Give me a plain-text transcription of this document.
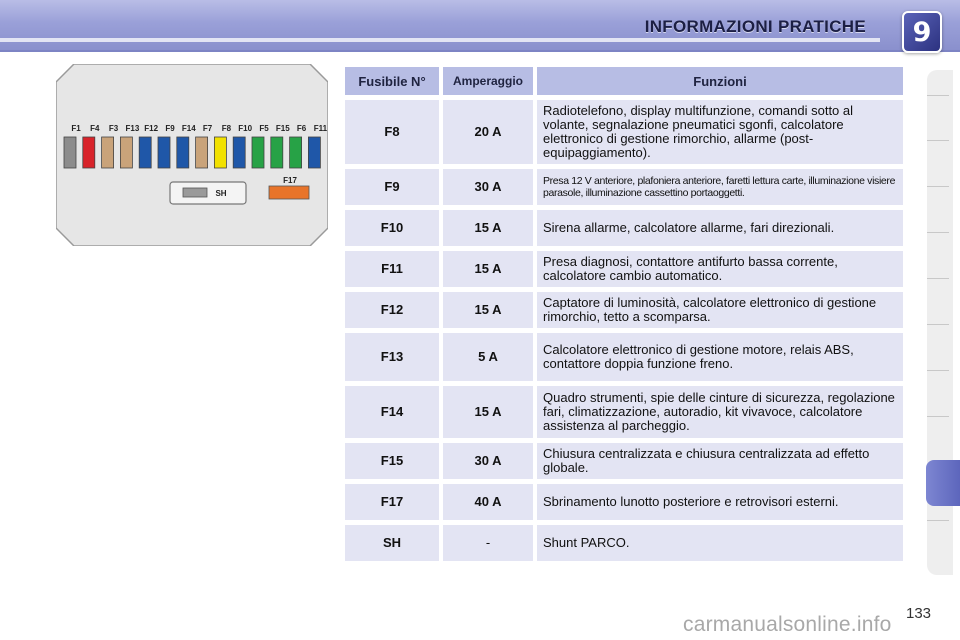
INFORMAZIONI PRATICHE 9
F1	F4	F3 F13 F12 F9 F14 F7	F8 F10 F5 F15 F6 F11
F17
SH
Fusibile N°	Amperaggio	Funzioni
F8	20 A	Radiotelefono, display multifunzione, comandi sotto al volante, segnalazione pneumatici sgonfi, calcolatore elettronico di gestione rimorchio, allarme (post-equipaggiamento).
F9	30 A	Presa 12 V anteriore, plafoniera anteriore, faretti lettura carte, illuminazione visiere parasole, illuminazione cassettino portaoggetti.
F10	15 A	Sirena allarme, calcolatore allarme, fari direzionali.
F11	15 A	Presa diagnosi, contattore antifurto bassa corrente, calcolatore cambio automatico.
F12	15 A	Captatore di luminosità, calcolatore elettronico di gestione rimorchio, tetto a scomparsa.
F13	5 A	Calcolatore elettronico di gestione motore, relais ABS, contattore doppia funzione freno.
F14	15 A	Quadro strumenti, spie delle cinture di sicurezza, regolazione fari, climatizzazione, autoradio, kit vivavoce, calcolatore assistenza al parcheggio.
F15	30 A	Chiusura centralizzata e chiusura centralizzata ad effetto globale.
F17	40 A	Sbrinamento lunotto posteriore e retrovisori esterni.
SH	-	Shunt PARCO.
133
carmanualsonline.info
